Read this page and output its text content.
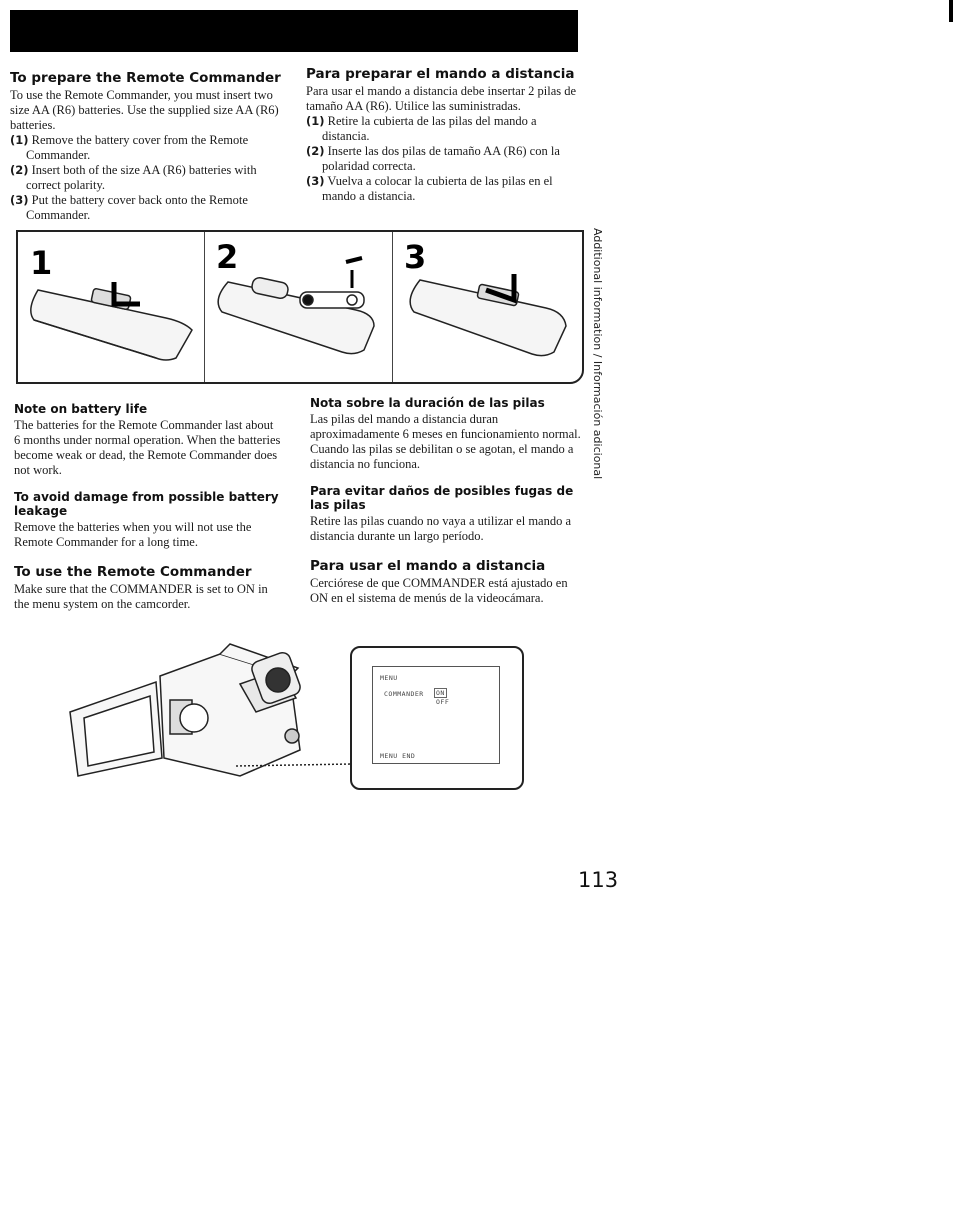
To prepare the Remote Commander

To use the Remote Commander, you must insert two size AA (R6) batteries. Use the supplied size AA (R6) batteries.

(1) Remove the battery cover from the Remote Commander.

(2) Insert both of the size AA (R6) batteries with correct polarity.

(3) Put the battery cover back onto the Remote Commander.

Para preparar el mando a distancia

Para usar el mando a distancia debe insertar 2 pilas de tamaño AA (R6). Utilice las suministradas.

(1) Retire la cubierta de las pilas del mando a distancia.

(2) Inserte las dos pilas de tamaño AA (R6) con la polaridad correcta.

(3) Vuelva a colocar la cubierta de las pilas en el mando a distancia.

Additional information / Información adicional
1	2	3
Note on battery life

The batteries for the Remote Commander last about 6 months under normal operation. When the batteries become weak or dead, the Remote Commander does not work.

To avoid damage from possible battery leakage

Remove the batteries when you will not use the Remote Commander for a long time.

To use the Remote Commander

Make sure that the COMMANDER is set to ON in the menu system on the camcorder.

Nota sobre la duración de las pilas

Las pilas del mando a distancia duran aproximadamente 6 meses en funcionamiento normal. Cuando las pilas se debilitan o se agotan, el mando a distancia no funciona.

Para evitar daños de posibles fugas de las pilas

Retire las pilas cuando no vaya a utilizar el mando a distancia durante un largo período.

Para usar el mando a distancia

Cerciórese de que COMMANDER está ajustado en ON en el sistema de menús de la videocámara.

MENU
COMMANDER	ON
OFF
MENU END
113
